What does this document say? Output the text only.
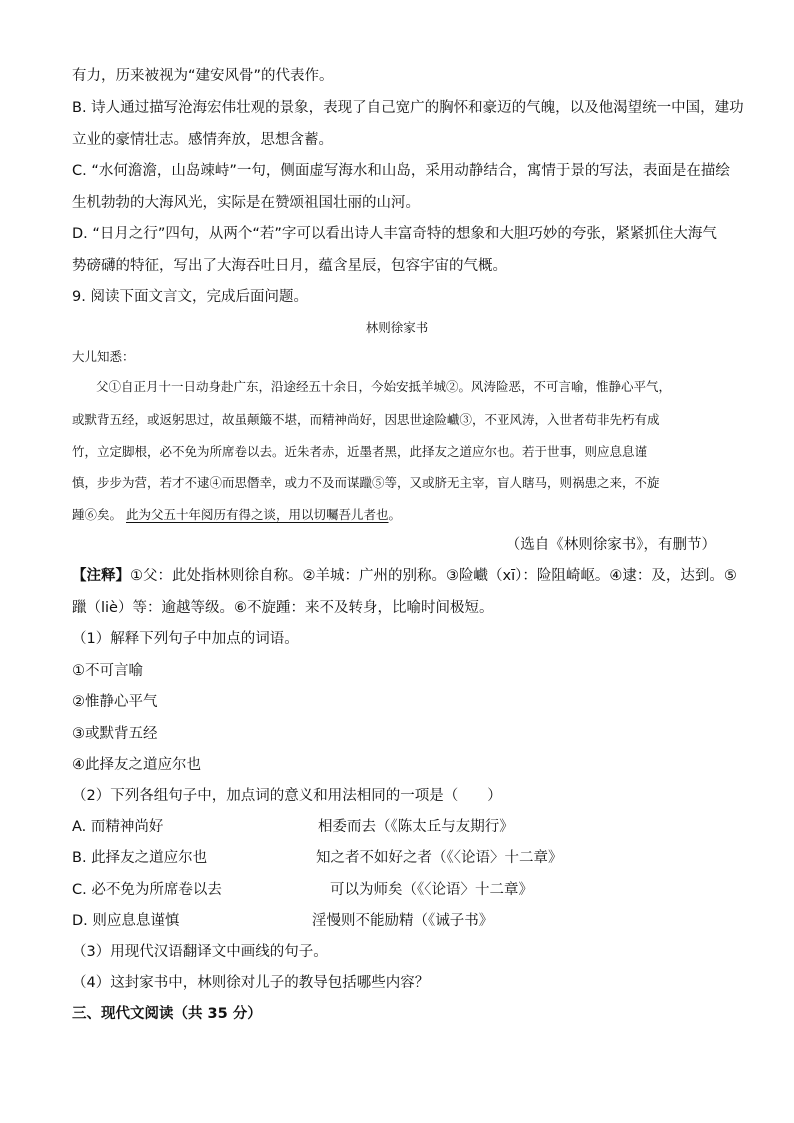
有力，历来被视为“建安风骨”的代表作。
B. 诗人通过描写沧海宏伟壮观的景象，表现了自己宽广的胸怀和豪迈的气魄，以及他渴望统一中国，建功
立业的豪情壮志。感情奔放，思想含蓄。
C. “水何澹澹，山岛竦峙”一句，侧面虚写海水和山岛，采用动静结合，寓情于景的写法，表面是在描绘
生机勃勃的大海风光，实际是在赞颂祖国壮丽的山河。
D. “日月之行”四句，从两个“若”字可以看出诗人丰富奇特的想象和大胆巧妙的夸张，紧紧抓住大海气
势磅礴的特征，写出了大海吞吐日月，蕴含星辰，包容宇宙的气概。
9. 阅读下面文言文，完成后面问题。
林则徐家书
大儿知悉：
父①自正月十一日动身赴广东，沿途经五十余日，今始安抵羊城②。风涛险恶，不可言喻，惟静心平气，
或默背五经，或返躬思过，故虽颠簸不堪，而精神尚好，因思世途险巇③，不亚风涛，入世者苟非先朽有成
竹，立定脚根，必不免为所席卷以去。近朱者赤，近墨者黑，此择友之道应尔也。若于世事，则应息息谨
慎，步步为营，若才不逮④而思僭幸，或力不及而谋躐⑤等，又或脐无主宰，盲人瞎马，则祸患之来，不旋
踵⑥矣。 此为父五十年阅历有得之谈，用以切囑吾儿者也。
（选自《林则徐家书》，有删节）
【注释】①父：此处指林则徐自称。②羊城：广州的别称。③险巇（xī）：险阻崎岖。④逮：及，达到。⑤
躐（liè）等：逾越等级。⑥不旋踵：来不及转身，比喻时间极短。
（1）解释下列句子中加点的词语。
①不可言喻
②惟静心平气
③或默背五经
④此择友之道应尔也
（2）下列各组句子中，加点词的意义和用法相同的一项是（　　）
A. 而精神尚好	相委而去（《陈太丘与友期行》
B. 此择友之道应尔也	知之者不如好之者（《〈论语〉十二章》
C. 必不免为所席卷以去	可以为师矣（《〈论语〉十二章》
D. 则应息息谨慎	淫慢则不能励精（《诫子书》
（3）用现代汉语翻译文中画线的句子。
（4）这封家书中，林则徐对儿子的教导包括哪些内容？
三、现代文阅读（共 35 分）
